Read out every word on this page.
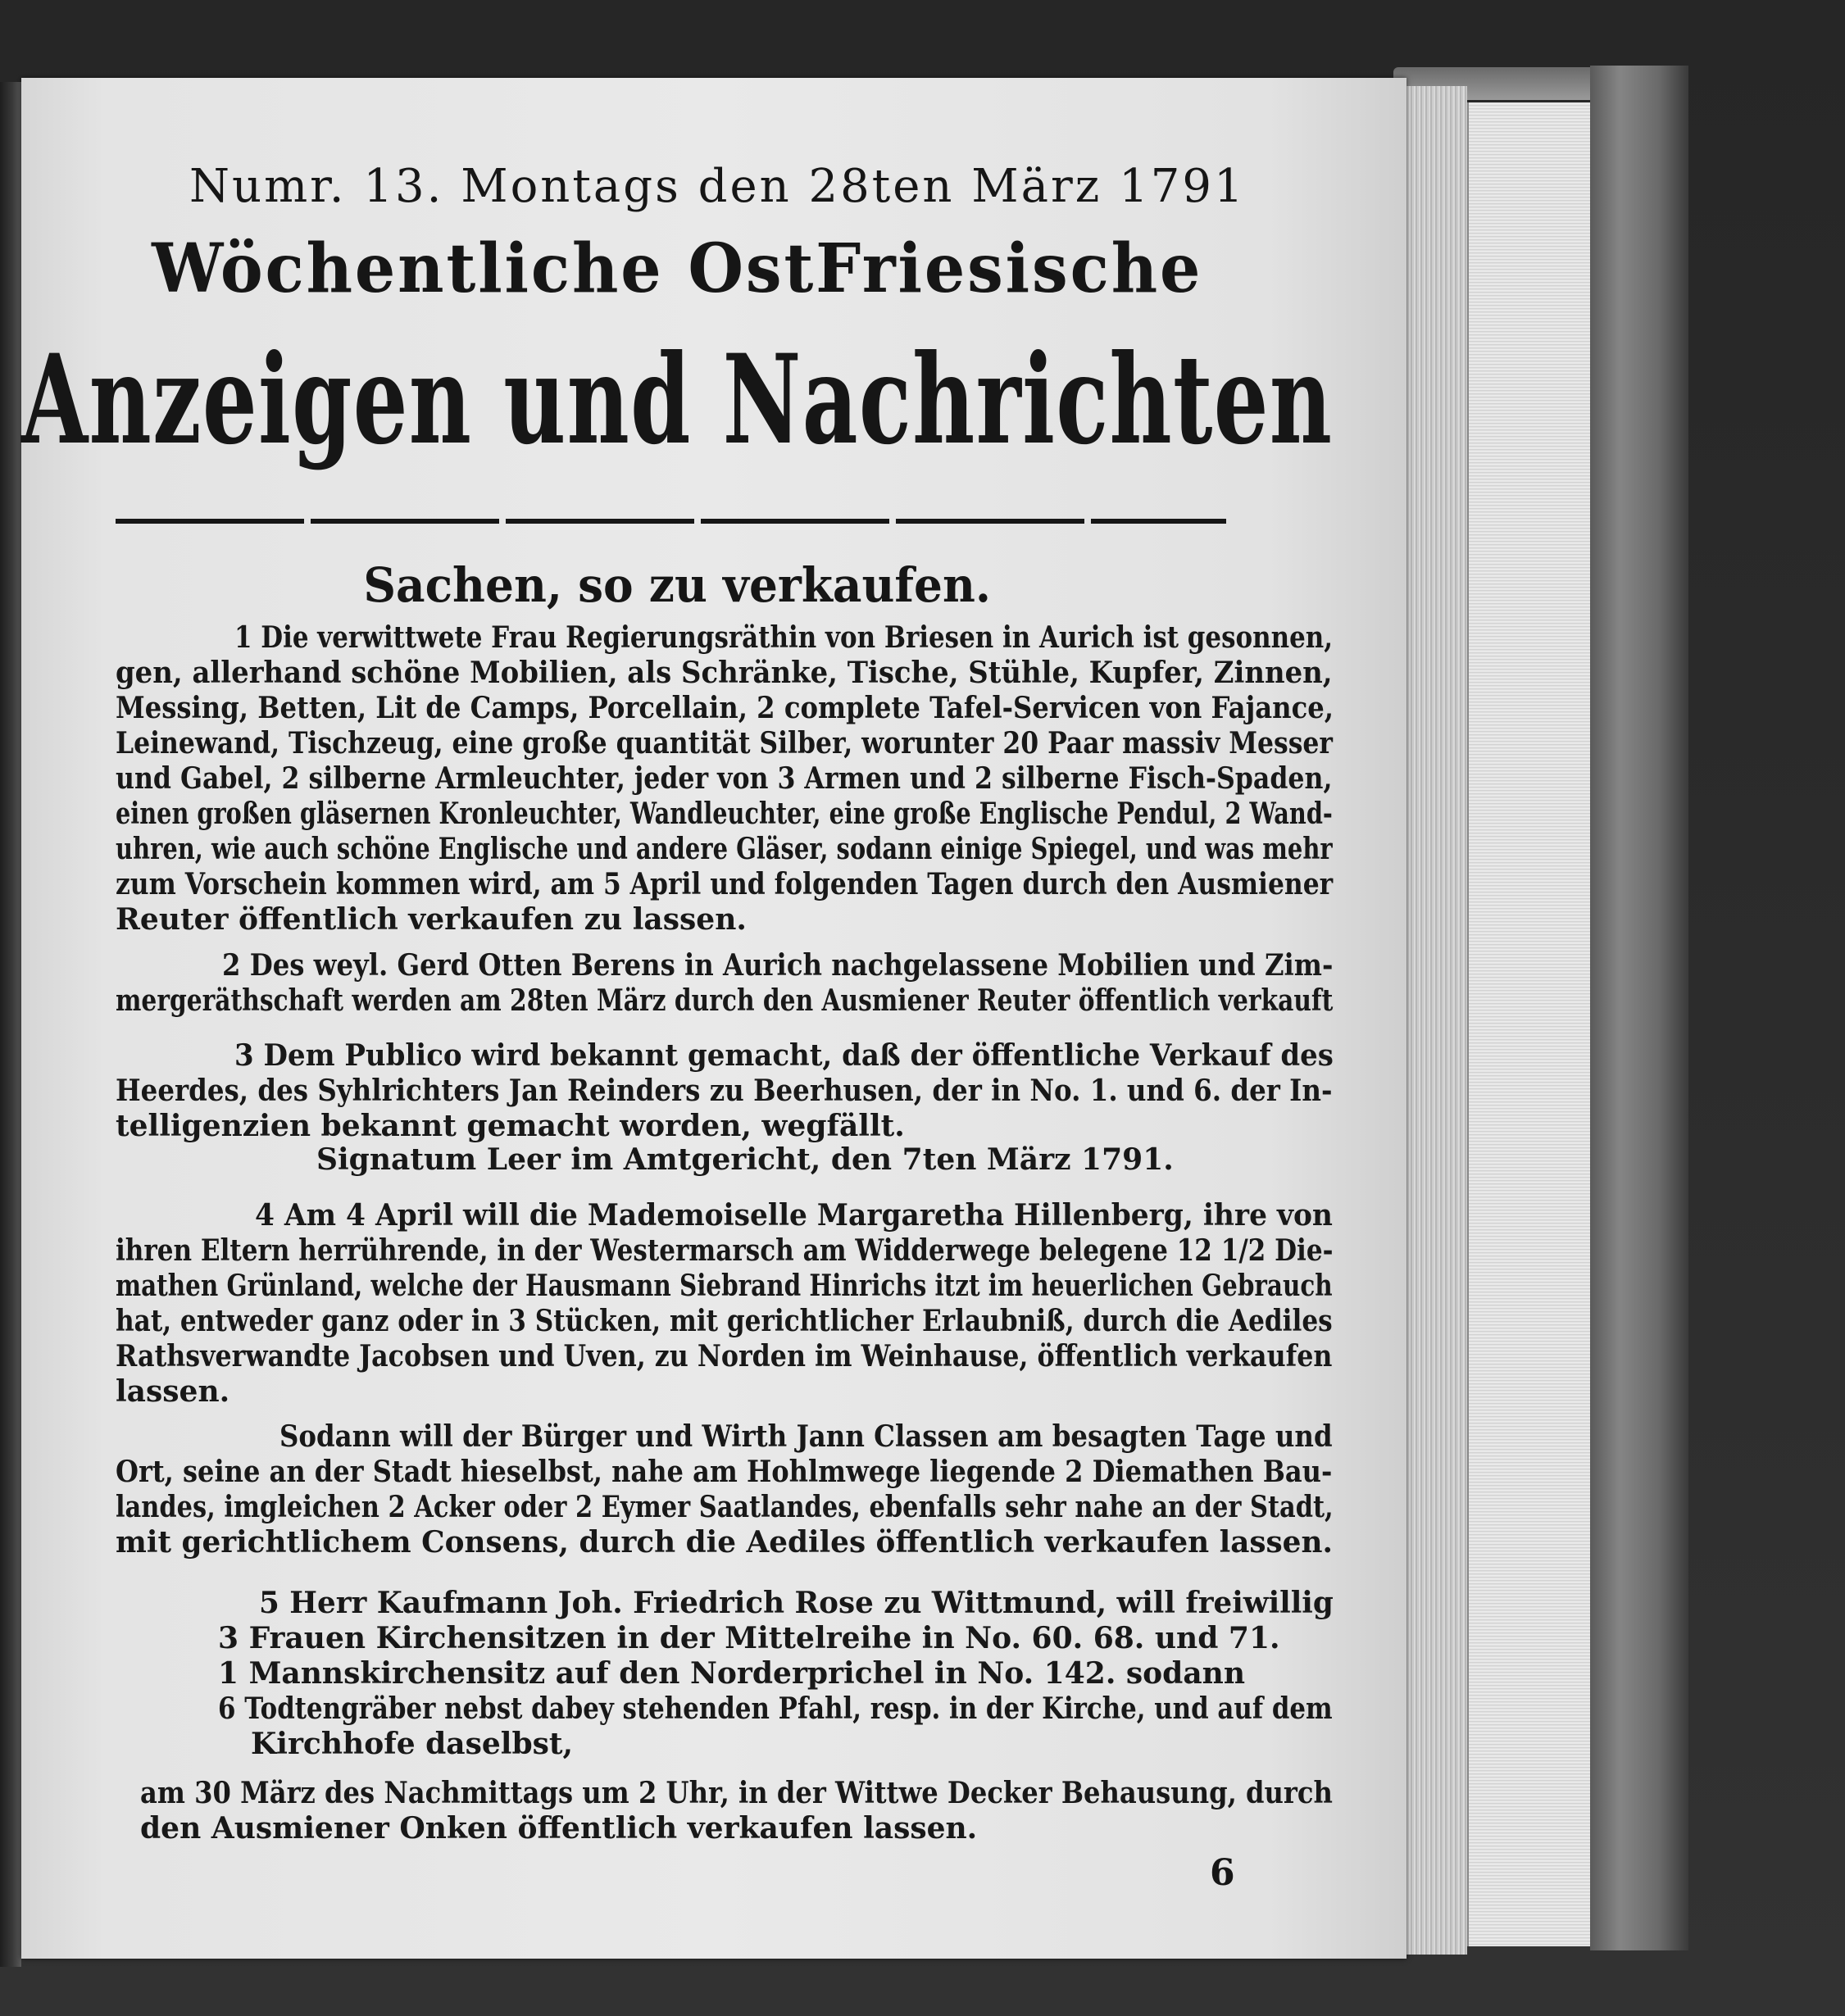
Numr. 13. Montags den 28ten März 1791
Wöchentliche OstFriesische
Anzeigen und Nachrichten
Sachen, so zu verkaufen.
1 Die verwittwete Frau Regierungsräthin von Briesen in Aurich ist gesonnen,
gen, allerhand schöne Mobilien, als Schränke, Tische, Stühle, Kupfer, Zinnen,
Messing, Betten, Lit de Camps, Porcellain, 2 complete Tafel-Servicen von Fajance,
Leinewand, Tischzeug, eine große quantität Silber, worunter 20 Paar massiv Messer
und Gabel, 2 silberne Armleuchter, jeder von 3 Armen und 2 silberne Fisch-Spaden,
einen großen gläsernen Kronleuchter, Wandleuchter, eine große Englische Pendul, 2 Wand-
uhren, wie auch schöne Englische und andere Gläser, sodann einige Spiegel, und was mehr
zum Vorschein kommen wird, am 5 April und folgenden Tagen durch den Ausmiener
Reuter öffentlich verkaufen zu lassen.
2 Des weyl. Gerd Otten Berens in Aurich nachgelassene Mobilien und Zim-
mergeräthschaft werden am 28ten März durch den Ausmiener Reuter öffentlich verkauft
3 Dem Publico wird bekannt gemacht, daß der öffentliche Verkauf des
Heerdes, des Syhlrichters Jan Reinders zu Beerhusen, der in No. 1. und 6. der In-
telligenzien bekannt gemacht worden, wegfällt.
Signatum Leer im Amtgericht, den 7ten März 1791.
4 Am 4 April will die Mademoiselle Margaretha Hillenberg, ihre von
ihren Eltern herrührende, in der Westermarsch am Widderwege belegene 12 1/2 Die-
mathen Grünland, welche der Hausmann Siebrand Hinrichs itzt im heuerlichen Gebrauch
hat, entweder ganz oder in 3 Stücken, mit gerichtlicher Erlaubniß, durch die Aediles
Rathsverwandte Jacobsen und Uven, zu Norden im Weinhause, öffentlich verkaufen
lassen.
Sodann will der Bürger und Wirth Jann Classen am besagten Tage und
Ort, seine an der Stadt hieselbst, nahe am Hohlmwege liegende 2 Diemathen Bau-
landes, imgleichen 2 Acker oder 2 Eymer Saatlandes, ebenfalls sehr nahe an der Stadt,
mit gerichtlichem Consens, durch die Aediles öffentlich verkaufen lassen.
5 Herr Kaufmann Joh. Friedrich Rose zu Wittmund, will freiwillig
3 Frauen Kirchensitzen in der Mittelreihe in No. 60. 68. und 71.
1 Mannskirchensitz auf den Norderprichel in No. 142. sodann
6 Todtengräber nebst dabey stehenden Pfahl, resp. in der Kirche, und auf dem
Kirchhofe daselbst,
am 30 März des Nachmittags um 2 Uhr, in der Wittwe Decker Behausung, durch
den Ausmiener Onken öffentlich verkaufen lassen.
6
